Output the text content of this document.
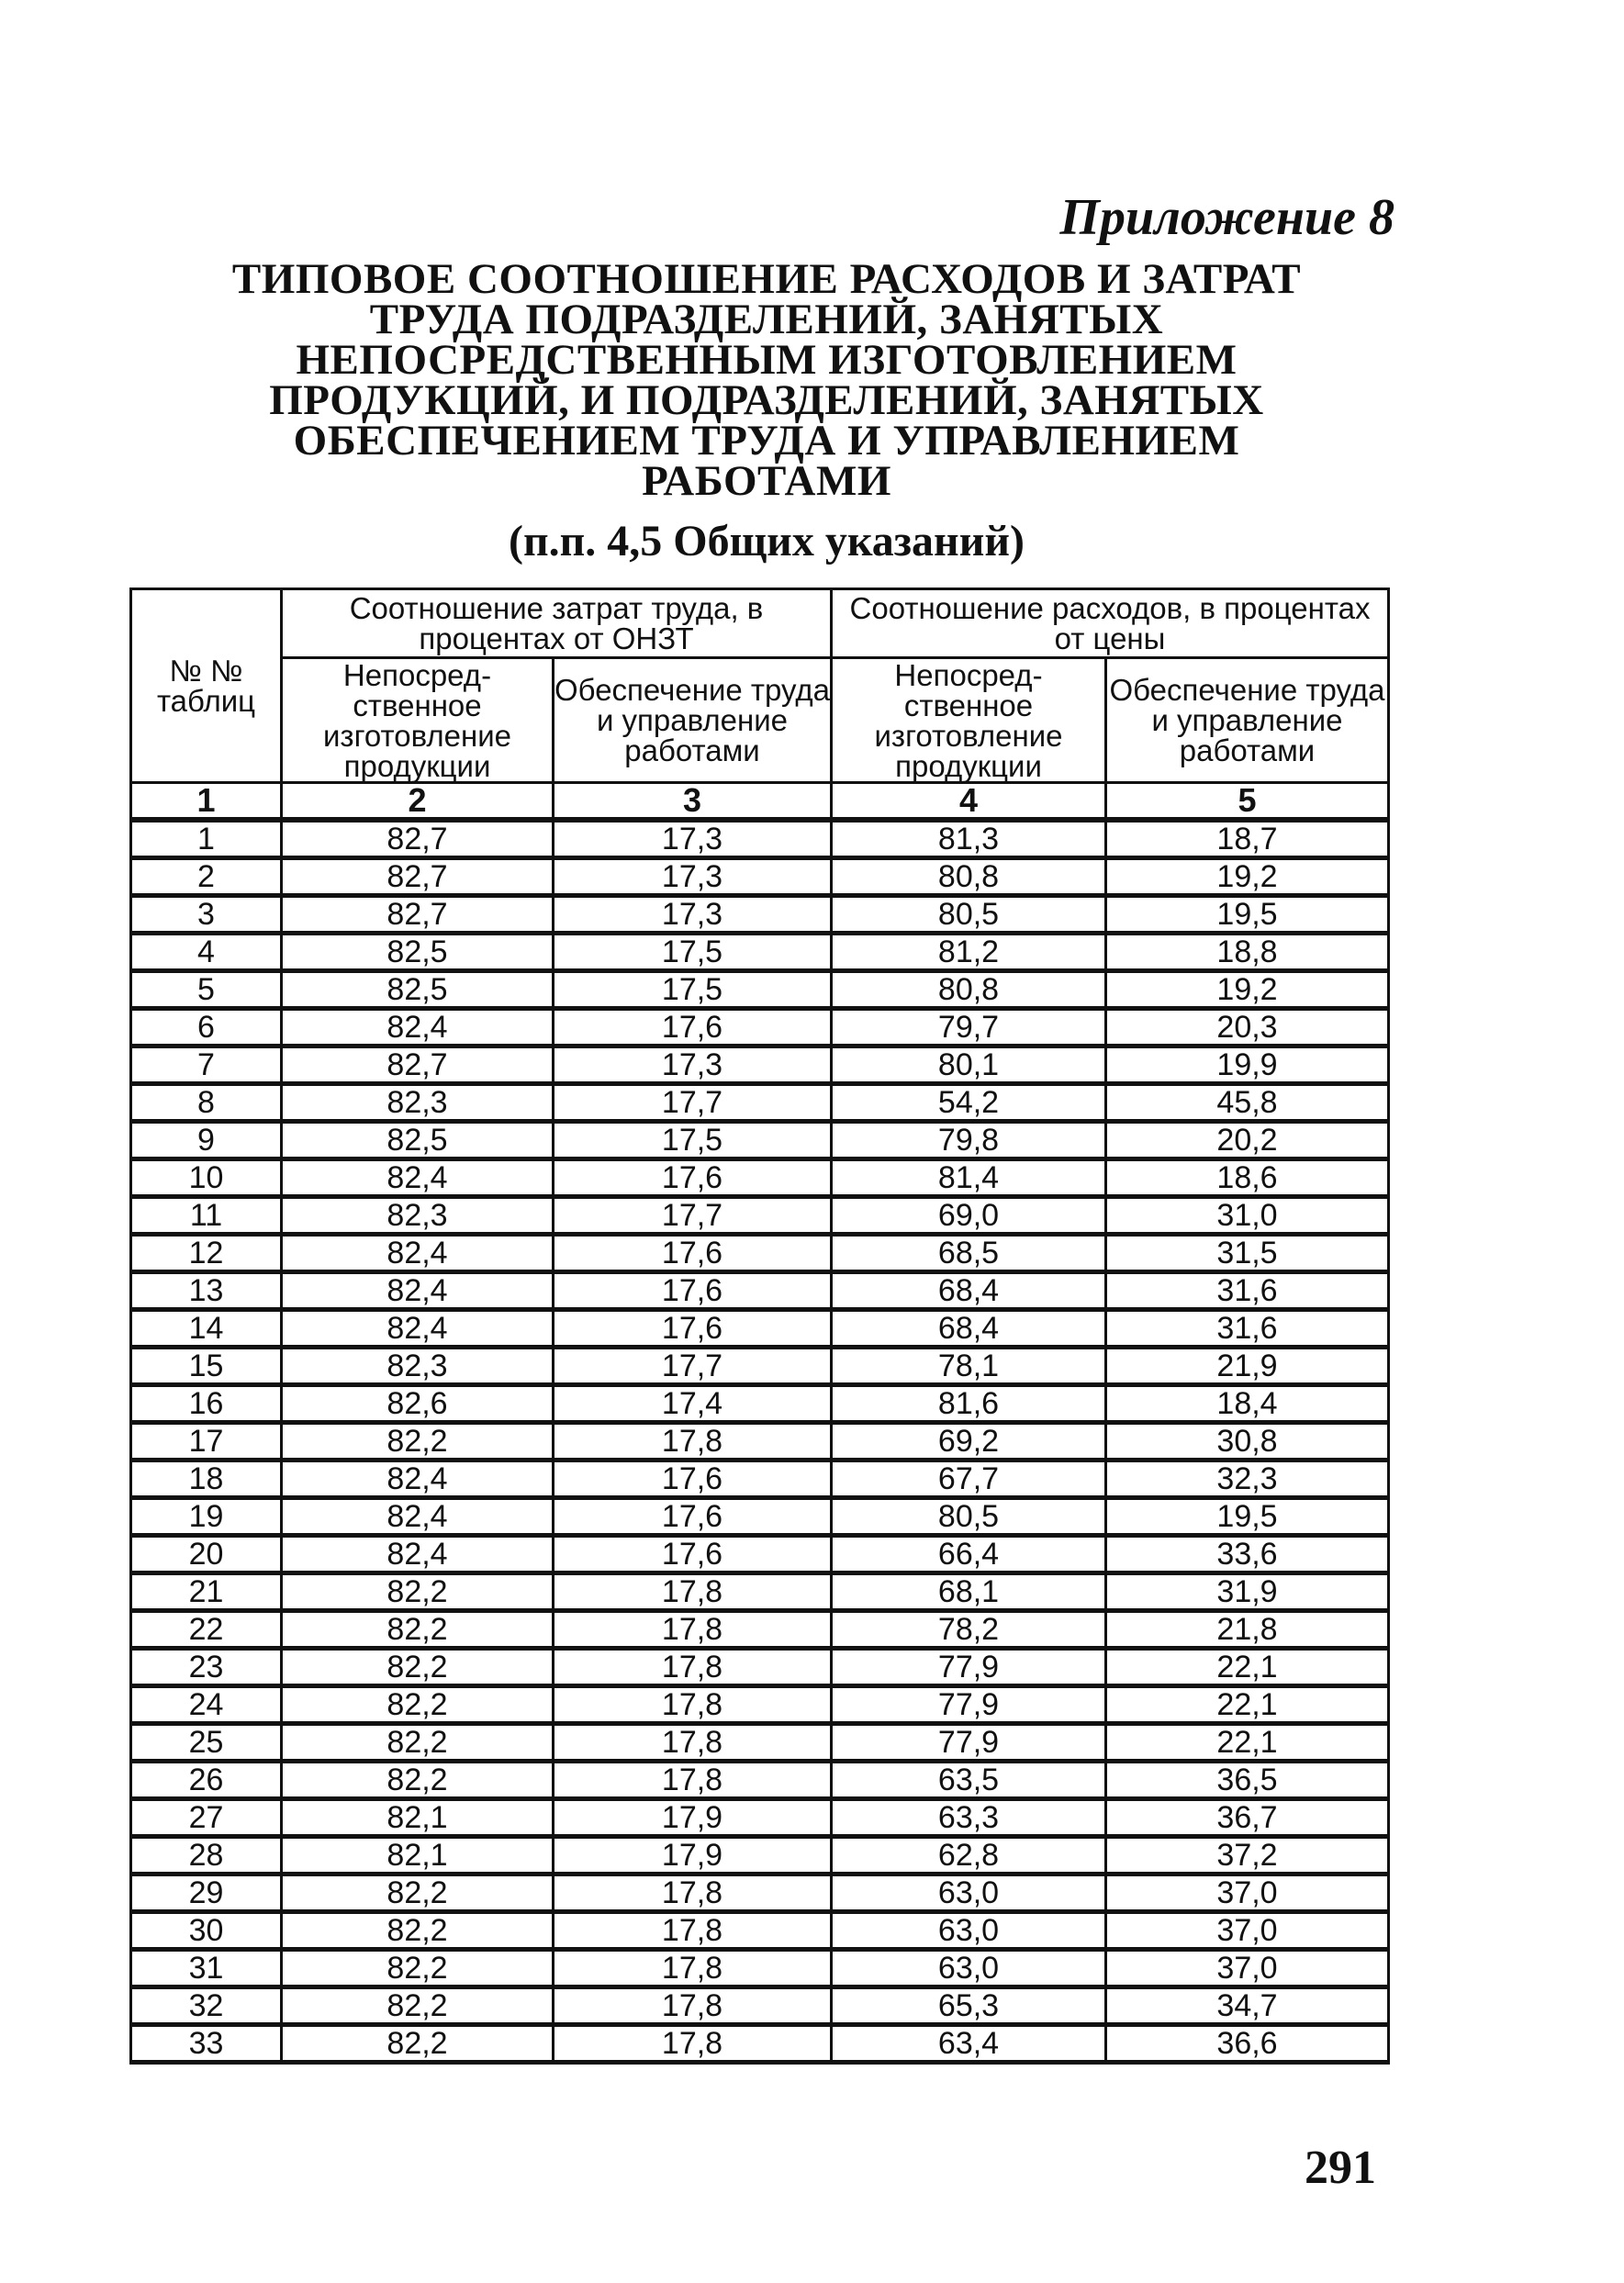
Приложение 8
ТИПОВОЕ СООТНОШЕНИЕ РАСХОДОВ И ЗАТРАТ
ТРУДА ПОДРАЗДЕЛЕНИЙ, ЗАНЯТЫХ
НЕПОСРЕДСТВЕННЫМ ИЗГОТОВЛЕНИЕМ
ПРОДУКЦИЙ, И ПОДРАЗДЕЛЕНИЙ, ЗАНЯТЫХ
ОБЕСПЕЧЕНИЕМ ТРУДА И УПРАВЛЕНИЕМ
РАБОТАМИ
(п.п. 4,5 Общих указаний)
№ № таблиц	Соотношение затрат труда, в процентах от ОНЗТ		Соотношение расходов, в процентах от цены	
	Непосред-ственное изготовление продукции	Обеспечение труда и управление работами	Непосред-ственное изготовление продукции	Обеспечение труда и управление работами
1	2	3	4	5
1	82,7	17,3	81,3	18,7
2	82,7	17,3	80,8	19,2
3	82,7	17,3	80,5	19,5
4	82,5	17,5	81,2	18,8
5	82,5	17,5	80,8	19,2
6	82,4	17,6	79,7	20,3
7	82,7	17,3	80,1	19,9
8	82,3	17,7	54,2	45,8
9	82,5	17,5	79,8	20,2
10	82,4	17,6	81,4	18,6
11	82,3	17,7	69,0	31,0
12	82,4	17,6	68,5	31,5
13	82,4	17,6	68,4	31,6
14	82,4	17,6	68,4	31,6
15	82,3	17,7	78,1	21,9
16	82,6	17,4	81,6	18,4
17	82,2	17,8	69,2	30,8
18	82,4	17,6	67,7	32,3
19	82,4	17,6	80,5	19,5
20	82,4	17,6	66,4	33,6
21	82,2	17,8	68,1	31,9
22	82,2	17,8	78,2	21,8
23	82,2	17,8	77,9	22,1
24	82,2	17,8	77,9	22,1
25	82,2	17,8	77,9	22,1
26	82,2	17,8	63,5	36,5
27	82,1	17,9	63,3	36,7
28	82,1	17,9	62,8	37,2
29	82,2	17,8	63,0	37,0
30	82,2	17,8	63,0	37,0
31	82,2	17,8	63,0	37,0
32	82,2	17,8	65,3	34,7
33	82,2	17,8	63,4	36,6
291
